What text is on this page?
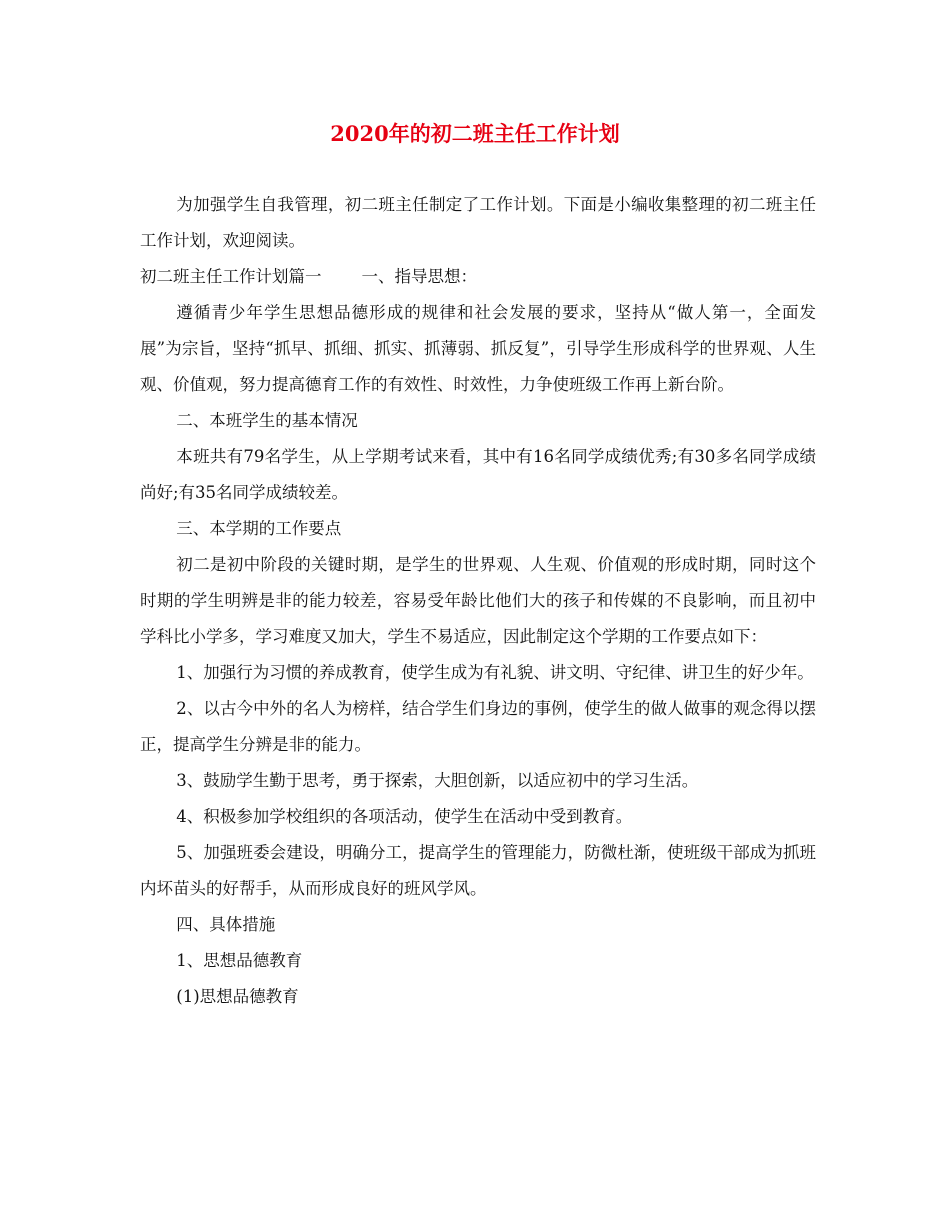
2020年的初二班主任工作计划

为加强学生自我管理，初二班主任制定了工作计划。下面是小编收集整理的初二班主任工作计划，欢迎阅读。

初二班主任工作计划篇一 一、指导思想：

遵循青少年学生思想品德形成的规律和社会发展的要求，坚持从“做人第一，全面发展”为宗旨，坚持“抓早、抓细、抓实、抓薄弱、抓反复”，引导学生形成科学的世界观、人生观、价值观，努力提高德育工作的有效性、时效性，力争使班级工作再上新台阶。

二、本班学生的基本情况

本班共有79名学生，从上学期考试来看，其中有16名同学成绩优秀;有30多名同学成绩尚好;有35名同学成绩较差。

三、本学期的工作要点

初二是初中阶段的关键时期，是学生的世界观、人生观、价值观的形成时期，同时这个时期的学生明辨是非的能力较差，容易受年龄比他们大的孩子和传媒的不良影响，而且初中学科比小学多，学习难度又加大，学生不易适应，因此制定这个学期的工作要点如下：

1、加强行为习惯的养成教育，使学生成为有礼貌、讲文明、守纪律、讲卫生的好少年。

2、以古今中外的名人为榜样，结合学生们身边的事例，使学生的做人做事的观念得以摆正，提高学生分辨是非的能力。

3、鼓励学生勤于思考，勇于探索，大胆创新，以适应初中的学习生活。

4、积极参加学校组织的各项活动，使学生在活动中受到教育。

5、加强班委会建设，明确分工，提高学生的管理能力，防微杜渐，使班级干部成为抓班内坏苗头的好帮手，从而形成良好的班风学风。

四、具体措施

1、思想品德教育

(1)思想品德教育
